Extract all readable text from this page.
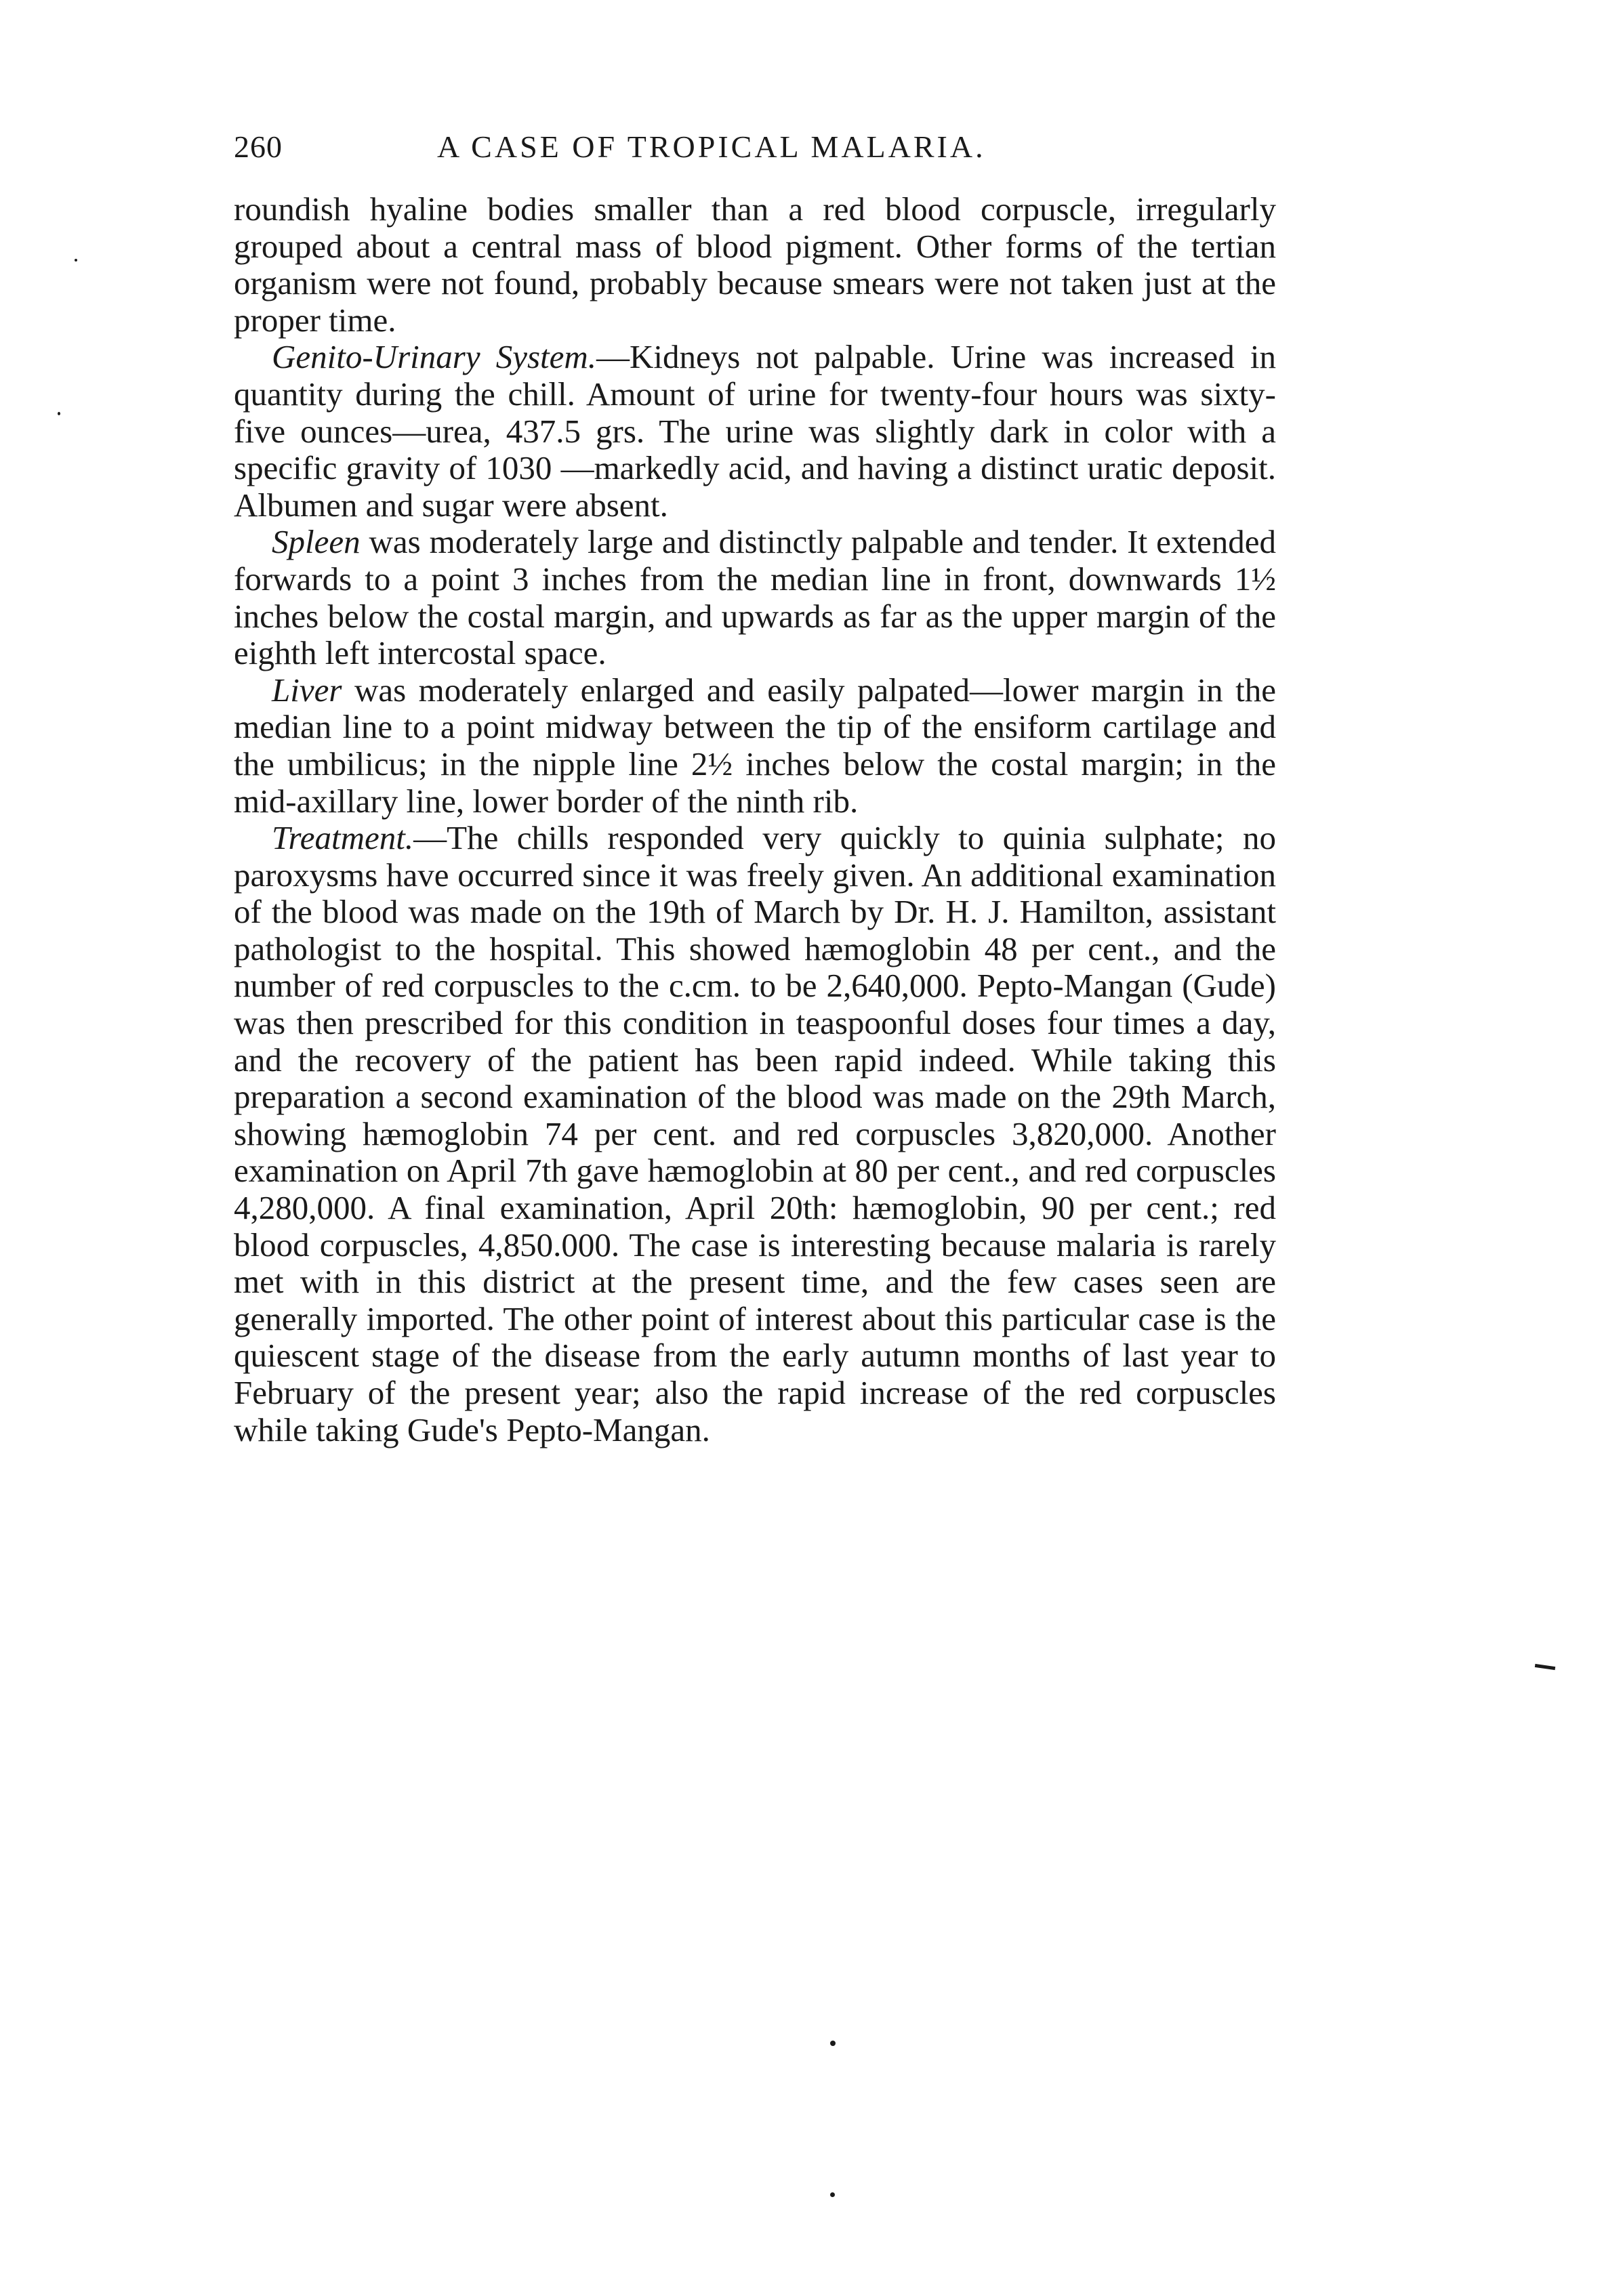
260	A CASE OF TROPICAL MALARIA.

roundish hyaline bodies smaller than a red blood corpuscle, irregularly grouped about a central mass of blood pigment. Other forms of the tertian organism were not found, probably because smears were not taken just at the proper time.

Genito-Urinary System.—Kidneys not palpable. Urine was increased in quantity during the chill. Amount of urine for twenty-four hours was sixty-five ounces—urea, 437.5 grs. The urine was slightly dark in color with a specific gravity of 1030 —markedly acid, and having a distinct uratic deposit. Albumen and sugar were absent.

Spleen was moderately large and distinctly palpable and tender. It extended forwards to a point 3 inches from the median line in front, downwards 1½ inches below the costal margin, and upwards as far as the upper margin of the eighth left intercostal space.

Liver was moderately enlarged and easily palpated—lower margin in the median line to a point midway between the tip of the ensiform cartilage and the umbilicus; in the nipple line 2½ inches below the costal margin; in the mid-axillary line, lower border of the ninth rib.

Treatment.—The chills responded very quickly to quinia sulphate; no paroxysms have occurred since it was freely given. An additional examination of the blood was made on the 19th of March by Dr. H. J. Hamilton, assistant pathologist to the hospital. This showed hæmoglobin 48 per cent., and the number of red corpuscles to the c.cm. to be 2,640,000. Pepto-Mangan (Gude) was then prescribed for this condition in teaspoonful doses four times a day, and the recovery of the patient has been rapid indeed. While taking this preparation a second examination of the blood was made on the 29th March, showing hæmoglobin 74 per cent. and red corpuscles 3,820,000. Another examination on April 7th gave hæmoglobin at 80 per cent., and red corpuscles 4,280,000. A final examination, April 20th: hæmoglobin, 90 per cent.; red blood corpuscles, 4,850.000. The case is interesting because malaria is rarely met with in this district at the present time, and the few cases seen are generally imported. The other point of interest about this particular case is the quiescent stage of the disease from the early autumn months of last year to February of the present year; also the rapid increase of the red corpuscles while taking Gude's Pepto-Mangan.
